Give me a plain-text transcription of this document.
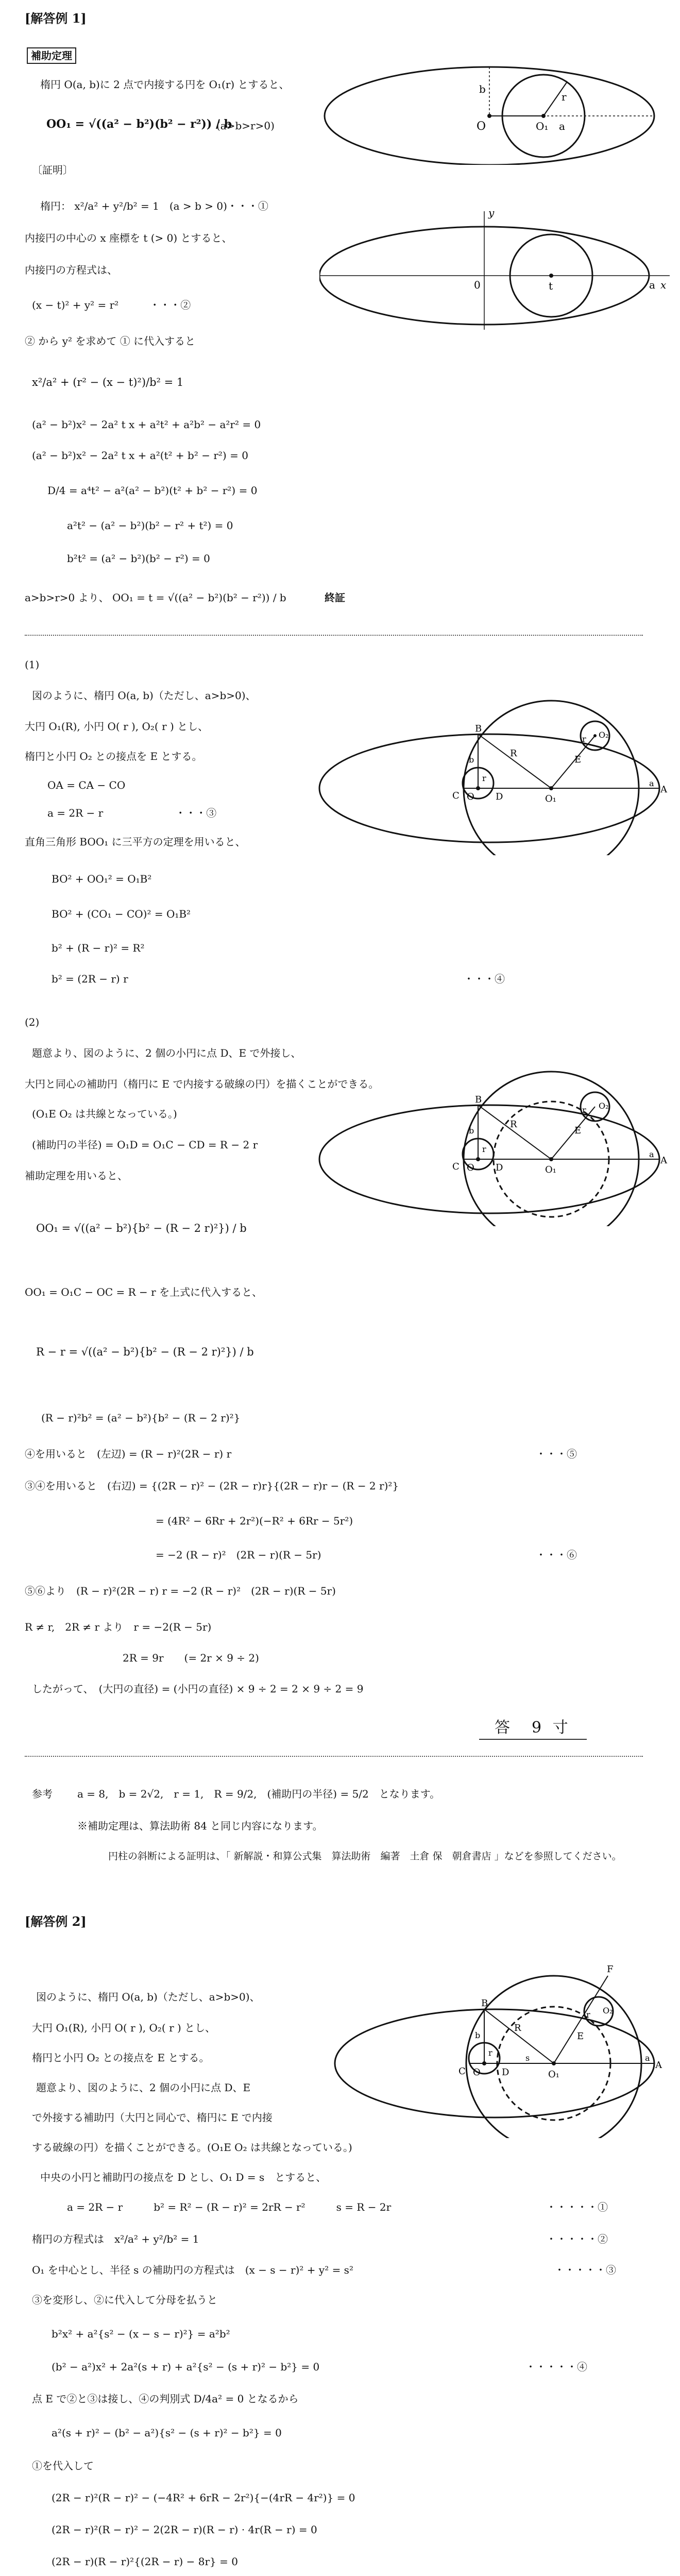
[解答例 1]
補助定理
楕円 O(a, b)に 2 点で内接する円を O₁(r) とすると、
OO₁ = √((a² − b²)(b² − r²)) / b
(a>b>r>0)
b
r
O	O₁ a
〔証明〕
楕円： x²/a² + y²/b² = 1　(a > b > 0)・・・①
内接円の中心の x 座標を t (> 0) とすると、
内接円の方程式は、
(x − t)² + y² = r²　　　・・・②
② から y² を求めて ① に代入すると
y
x
0	t	a
x²/a² + (r² − (x − t)²)/b² = 1
(a² − b²)x² − 2a² t x + a²t² + a²b² − a²r² = 0
(a² − b²)x² − 2a² t x + a²(t² + b² − r²) = 0
D/4 = a⁴t² − a²(a² − b²)(t² + b² − r²) = 0
a²t² − (a² − b²)(b² − r² + t²) = 0
b²t² = (a² − b²)(b² − r²) = 0
a>b>r>0 より、 OO₁ = t = √((a² − b²)(b² − r²)) / b	終証
(1)
図のように、楕円 O(a, b)（ただし、a>b>0)、
大円 O₁(R), 小円 O( r ), O₂( r ) とし、
楕円と小円 O₂ との接点を E とする。
OA = CA − CO
a = 2R − r　　　　　　　・・・③
直角三角形 BOO₁ に三平方の定理を用いると、
BO² + OO₁² = O₁B²
BO² + (CO₁ − CO)² = O₁B²
b² + (R − r)² = R²
b² = (2R − r) r	・・・④
B
R
E
O₂
r
b
C O D	O₁
A
a
r
(2)
題意より、図のように、2 個の小円に点 D、E で外接し、
大円と同心の補助円（楕円に E で内接する破線の円）を描くことができる。
(O₁E O₂ は共線となっている。)
(補助円の半径) = O₁D = O₁C − CD = R − 2 r
補助定理を用いると、
OO₁ = √((a² − b²){b² − (R − 2 r)²}) / b
OO₁ = O₁C − OC = R − r を上式に代入すると、
R − r = √((a² − b²){b² − (R − 2 r)²}) / b
(R − r)²b² = (a² − b²){b² − (R − 2 r)²}
④を用いると　(左辺) = (R − r)²(2R − r) r	・・・⑤
③④を用いると　(右辺) = {(2R − r)² − (2R − r)r}{(2R − r)r − (R − 2 r)²}
= (4R² − 6Rr + 2r²)(−R² + 6Rr − 5r²)
= −2 (R − r)²　(2R − r)(R − 5r)	・・・⑥
⑤⑥より　(R − r)²(2R − r) r = −2 (R − r)²　(2R − r)(R − 5r)
R ≠ r,　2R ≠ r より　r = −2(R − 5r)
2R = 9r　　(= 2r × 9 ÷ 2)
したがって、　(大円の直径) = (小円の直径) × 9 ÷ 2 = 2 × 9 ÷ 2 = 9
B
R
E
O₂
r
b
C O D	O₁
A
a
r
答　9 寸
参考 a = 8,　b = 2√2,　r = 1,　R = 9/2,　(補助円の半径) = 5/2　となります。
※補助定理は、算法助術 84 と同じ内容になります。
円柱の斜断による証明は、「 新解説・和算公式集　算法助術　編著　土倉 保　朝倉書店 」などを参照してください。
[解答例 2]
図のように、楕円 O(a, b)（ただし、a>b>0)、
大円 O₁(R), 小円 O( r ), O₂( r ) とし、
楕円と小円 O₂ との接点を E とする。
題意より、図のように、2 個の小円に点 D、E
で外接する補助円（大円と同心で、楕円に E で内接
する破線の円）を描くことができる。(O₁E O₂ は共線となっている。)
中央の小円と補助円の接点を D とし、O₁ D = s　とすると、
F
B
R
E
O₂
r
b
C O D
s
O₁
A
a
r
a = 2R − r　　　b² = R² − (R − r)² = 2rR − r²　　　s = R − 2r	・・・・・①
楕円の方程式は　x²/a² + y²/b² = 1	・・・・・②
O₁ を中心とし、半径 s の補助円の方程式は　(x − s − r)² + y² = s²	・・・・・③
③を変形し、②に代入して分母を払うと
b²x² + a²{s² − (x − s − r)²} = a²b²
(b² − a²)x² + 2a²(s + r) + a²{s² − (s + r)² − b²} = 0	・・・・・④
点 E で②と③は接し、④の判別式 D/4a² = 0 となるから
a²(s + r)² − (b² − a²){s² − (s + r)² − b²} = 0
①を代入して
(2R − r)²(R − r)² − (−4R² + 6rR − 2r²){−(4rR − 4r²)} = 0
(2R − r)²(R − r)² − 2(2R − r)(R − r) · 4r(R − r) = 0
(2R − r)(R − r)²{(2R − r) − 8r} = 0
